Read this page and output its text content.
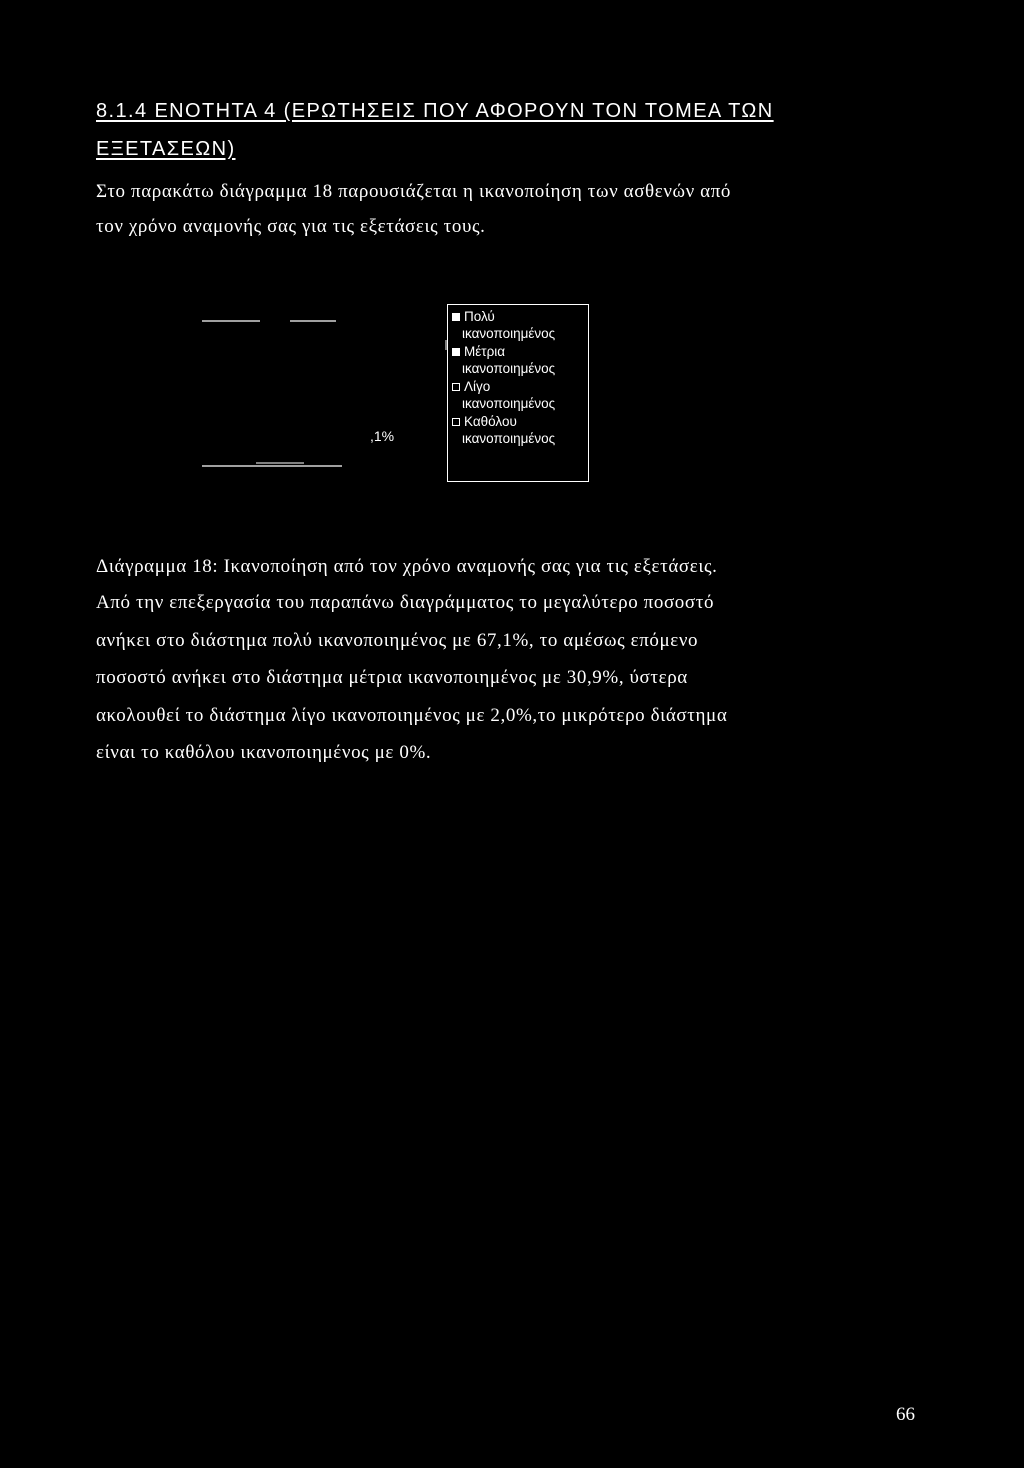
8.1.4 ΕΝΟΤΗΤΑ 4 (ΕΡΩΤΗΣΕΙΣ ΠΟΥ ΑΦΟΡΟΥΝ ΤΟΝ ΤΟΜΕΑ ΤΩΝ
ΕΞΕΤΑΣΕΩΝ)
Στο παρακάτω διάγραμμα 18 παρουσιάζεται η ικανοποίηση των ασθενών από
τον χρόνο αναμονής σας για τις εξετάσεις τους.
,1%
Πολύ
ικανοποιημένος
Μέτρια
ικανοποιημένος
Λίγο
ικανοποιημένος
Καθόλου
ικανοποιημένος
Διάγραμμα 18: Ικανοποίηση από τον χρόνο αναμονής σας για τις εξετάσεις.
Από την επεξεργασία του παραπάνω διαγράμματος το μεγαλύτερο ποσοστό
ανήκει στο διάστημα πολύ ικανοποιημένος με 67,1%, το αμέσως επόμενο
ποσοστό ανήκει στο διάστημα μέτρια ικανοποιημένος με 30,9%, ύστερα
ακολουθεί το διάστημα λίγο ικανοποιημένος με 2,0%,το μικρότερο διάστημα
είναι το καθόλου ικανοποιημένος με 0%.
66
